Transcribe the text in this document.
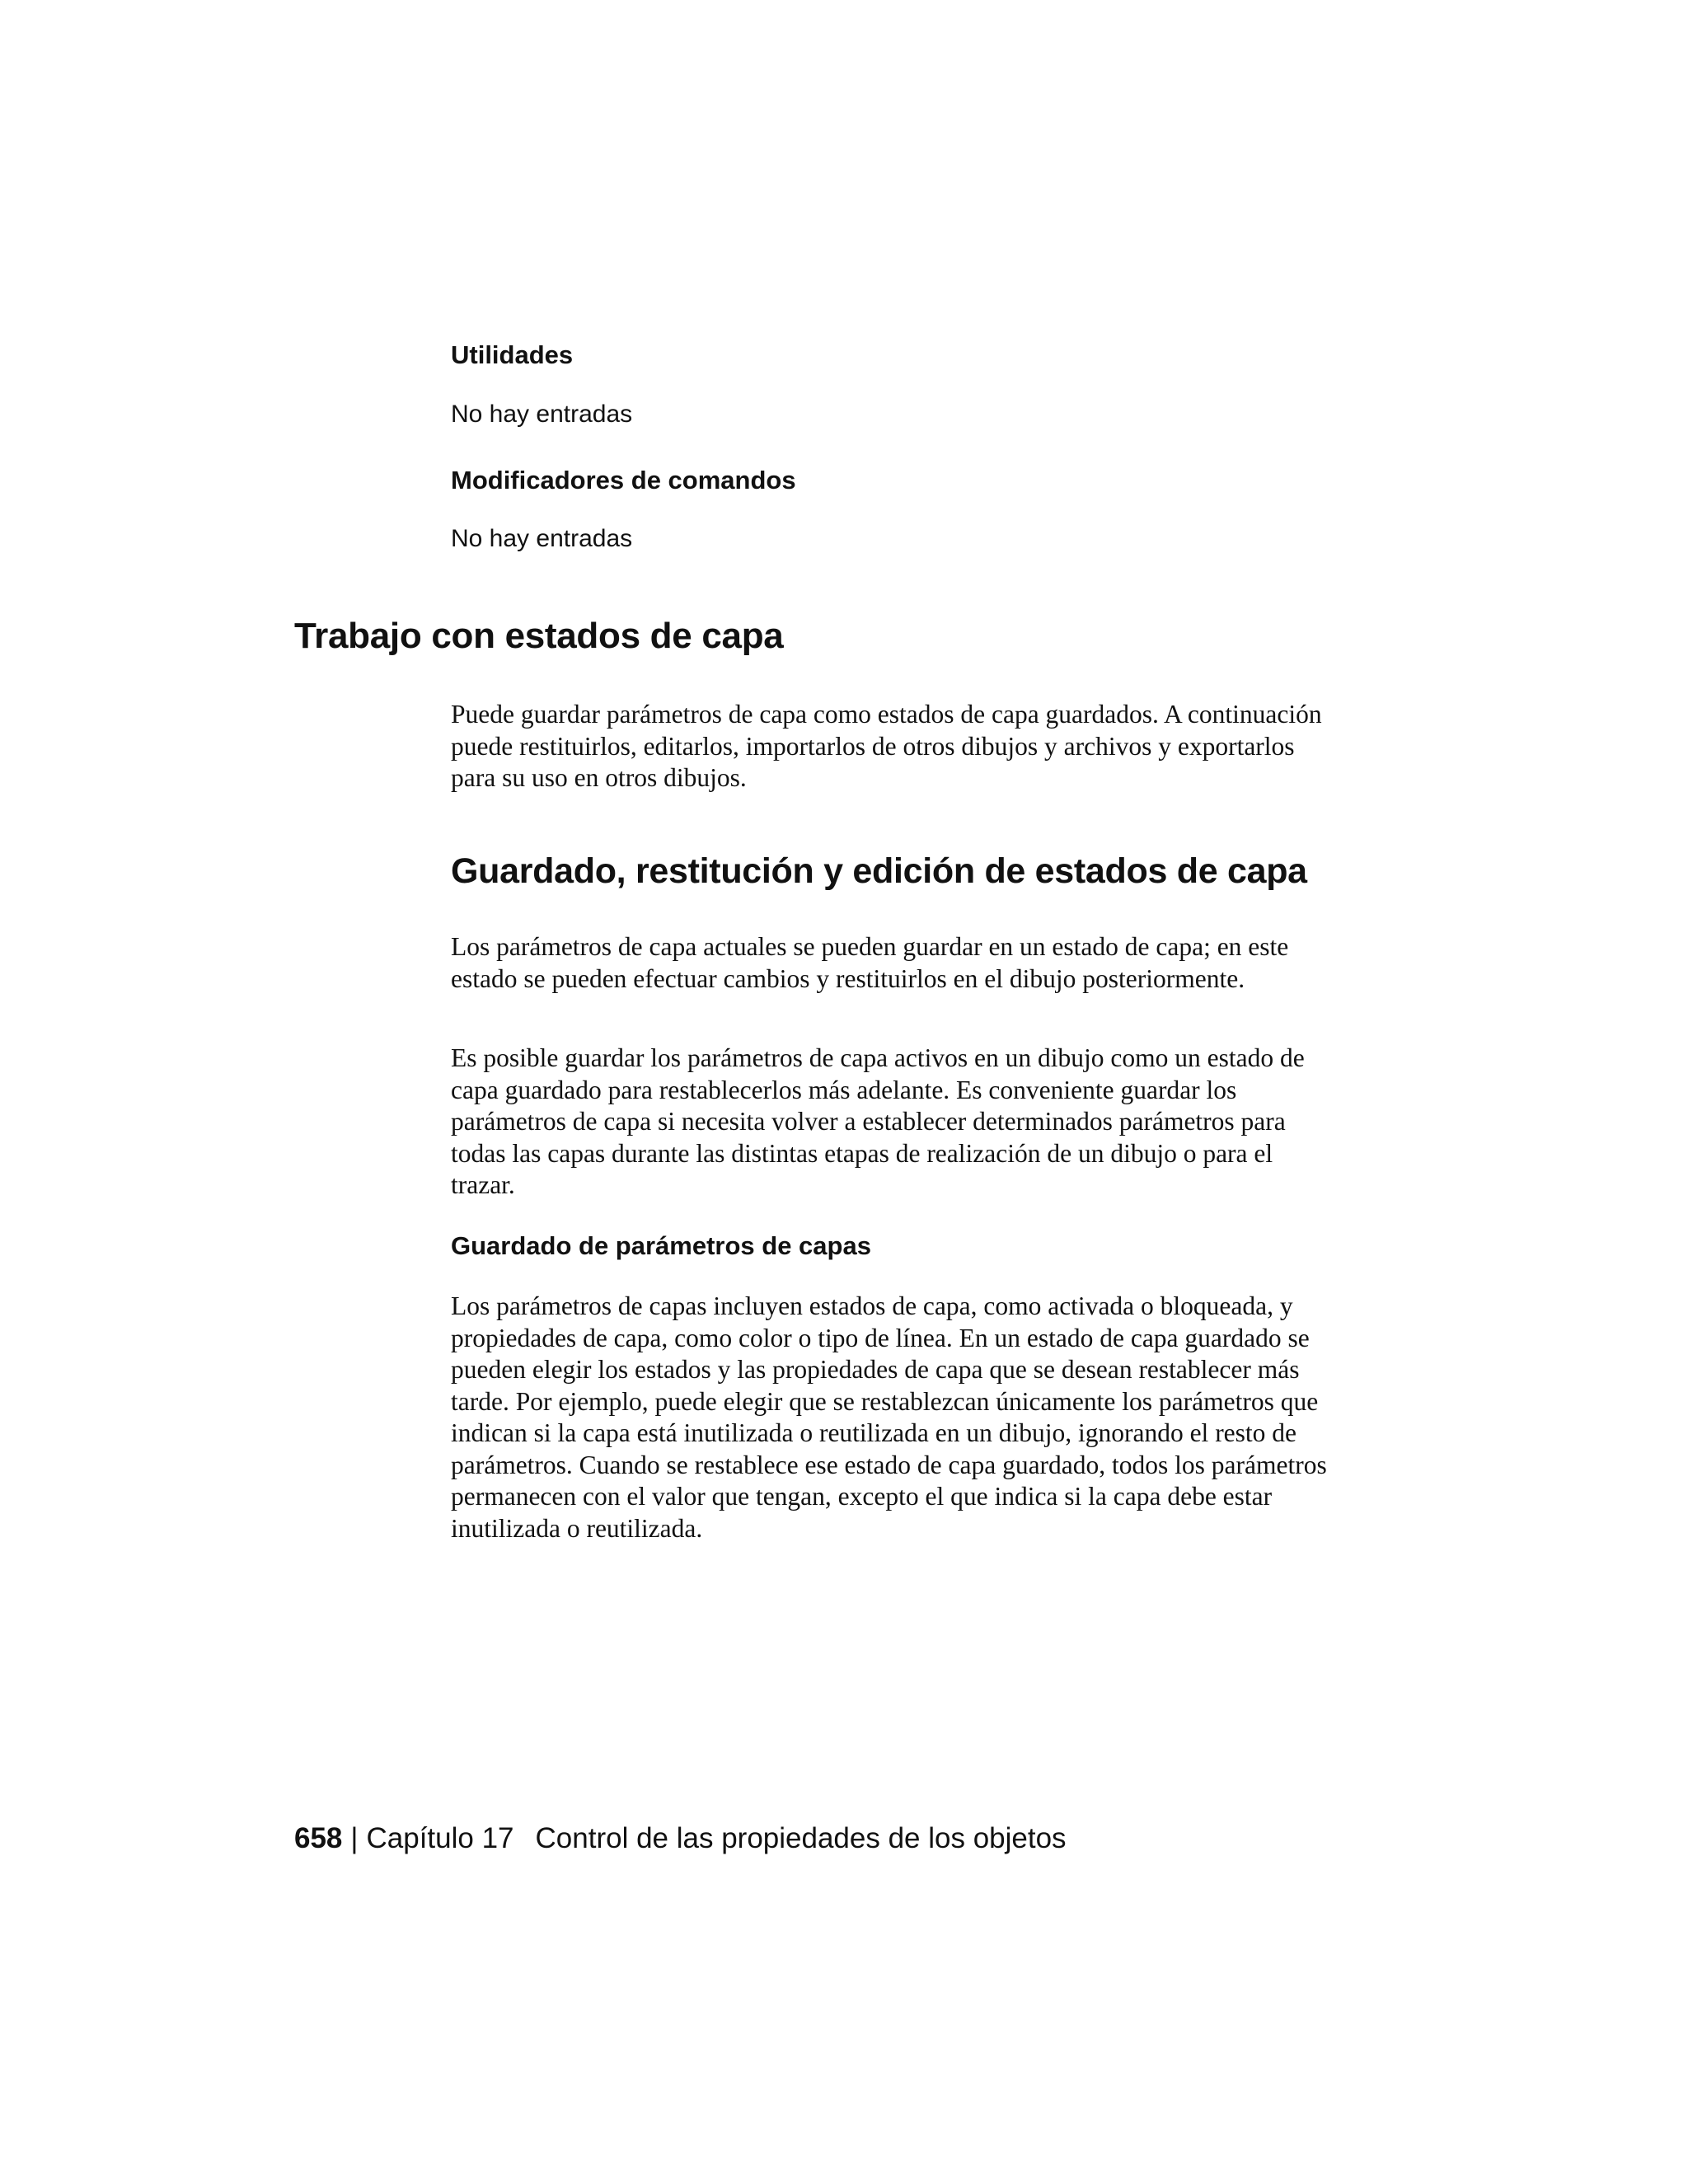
Utilidades
No hay entradas
Modificadores de comandos
No hay entradas
Trabajo con estados de capa

Puede guardar parámetros de capa como estados de capa guardados. A continuación puede restituirlos, editarlos, importarlos de otros dibujos y archivos y exportarlos para su uso en otros dibujos.

Guardado, restitución y edición de estados de capa

Los parámetros de capa actuales se pueden guardar en un estado de capa; en este estado se pueden efectuar cambios y restituirlos en el dibujo posteriormente.

Es posible guardar los parámetros de capa activos en un dibujo como un estado de capa guardado para restablecerlos más adelante. Es conveniente guardar los parámetros de capa si necesita volver a establecer determinados parámetros para todas las capas durante las distintas etapas de realización de un dibujo o para el trazar.

Guardado de parámetros de capas

Los parámetros de capas incluyen estados de capa, como activada o bloqueada, y propiedades de capa, como color o tipo de línea. En un estado de capa guardado se pueden elegir los estados y las propiedades de capa que se desean restablecer más tarde. Por ejemplo, puede elegir que se restablezcan únicamente los parámetros que indican si la capa está inutilizada o reutilizada en un dibujo, ignorando el resto de parámetros. Cuando se restablece ese estado de capa guardado, todos los parámetros permanecen con el valor que tengan, excepto el que indica si la capa debe estar inutilizada o reutilizada.

658 | Capítulo 17 Control de las propiedades de los objetos
